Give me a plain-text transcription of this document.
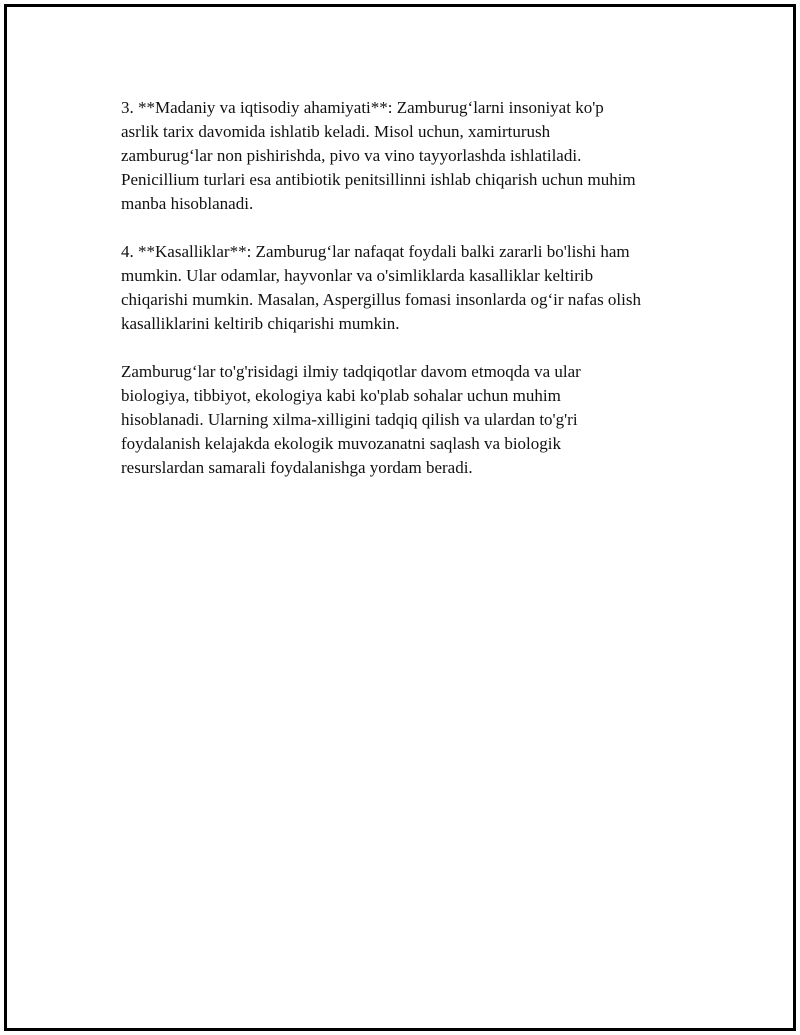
3. **Madaniy va iqtisodiy ahamiyati**: Zamburug‘larni insoniyat ko'p
asrlik tarix davomida ishlatib keladi. Misol uchun, xamirturush
zamburug‘lar non pishirishda, pivo va vino tayyorlashda ishlatiladi.
Penicillium turlari esa antibiotik penitsillinni ishlab chiqarish uchun muhim
manba hisoblanadi.

4. **Kasalliklar**: Zamburug‘lar nafaqat foydali balki zararli bo'lishi ham
mumkin. Ular odamlar, hayvonlar va o'simliklarda kasalliklar keltirib
chiqarishi mumkin. Masalan, Aspergillus fomasi insonlarda og‘ir nafas olish
kasalliklarini keltirib chiqarishi mumkin.

Zamburug‘lar to'g'risidagi ilmiy tadqiqotlar davom etmoqda va ular
biologiya, tibbiyot, ekologiya kabi ko'plab sohalar uchun muhim
hisoblanadi. Ularning xilma-xilligini tadqiq qilish va ulardan to'g'ri
foydalanish kelajakda ekologik muvozanatni saqlash va biologik
resurslardan samarali foydalanishga yordam beradi.
